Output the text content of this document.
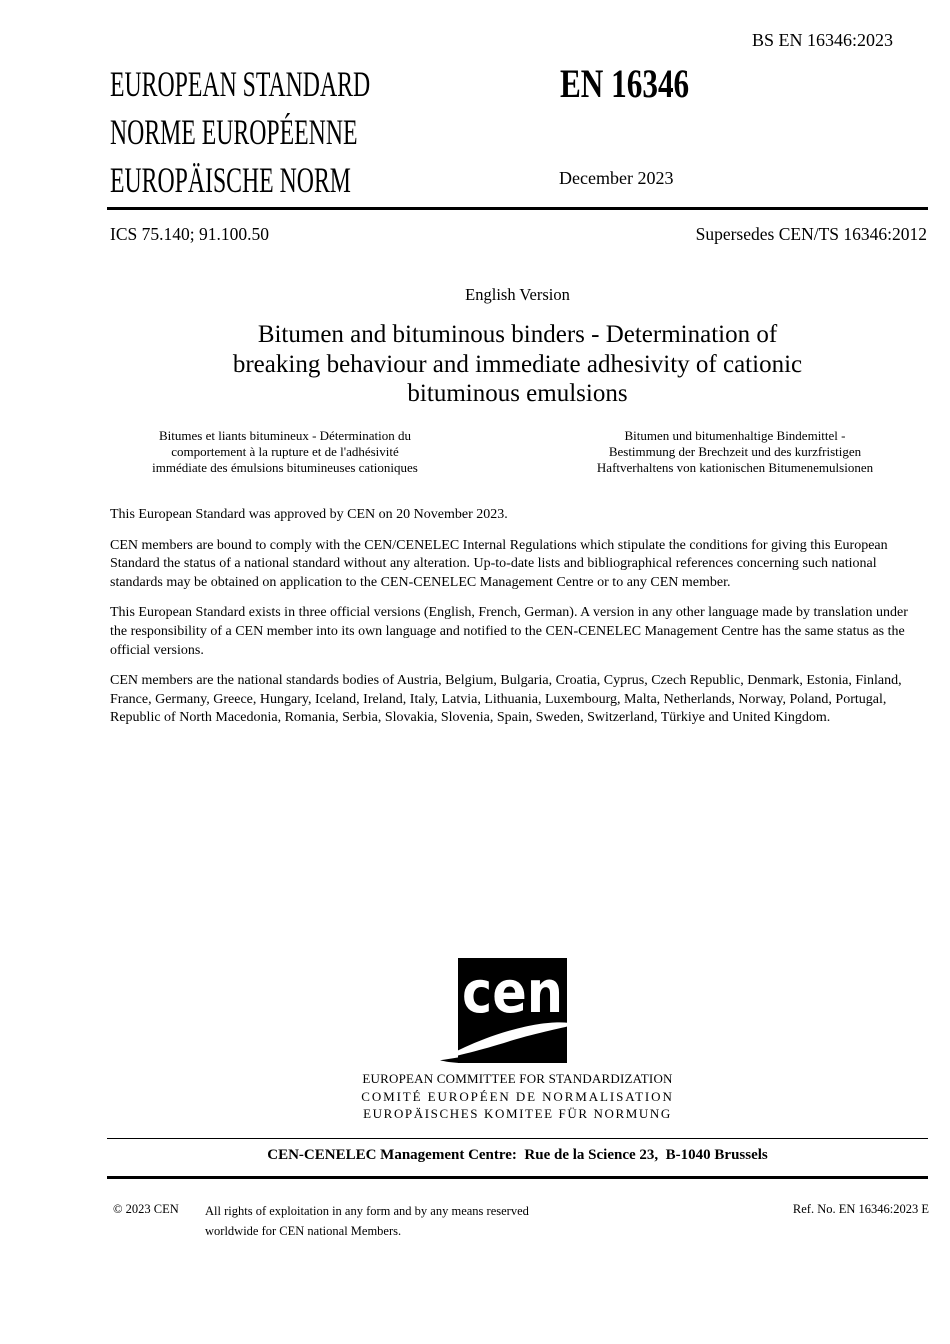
BS EN 16346:2023
EUROPEAN STANDARD
NORME EUROPÉENNE
EUROPÄISCHE NORM
EN 16346
December 2023
ICS 75.140; 91.100.50	Supersedes CEN/TS 16346:2012
English Version
Bitumen and bituminous binders - Determination of
breaking behaviour and immediate adhesivity of cationic
bituminous emulsions
Bitumes et liants bitumineux - Détermination du
comportement à la rupture et de l'adhésivité
immédiate des émulsions bitumineuses cationiques
Bitumen und bitumenhaltige Bindemittel -
Bestimmung der Brechzeit und des kurzfristigen
Haftverhaltens von kationischen Bitumenemulsionen

This European Standard was approved by CEN on 20 November 2023.

CEN members are bound to comply with the CEN/CENELEC Internal Regulations which stipulate the conditions for giving this European Standard the status of a national standard without any alteration. Up-to-date lists and bibliographical references concerning such national standards may be obtained on application to the CEN-CENELEC Management Centre or to any CEN member.

This European Standard exists in three official versions (English, French, German). A version in any other language made by translation under the responsibility of a CEN member into its own language and notified to the CEN-CENELEC Management Centre has the same status as the official versions.

CEN members are the national standards bodies of Austria, Belgium, Bulgaria, Croatia, Cyprus, Czech Republic, Denmark, Estonia, Finland, France, Germany, Greece, Hungary, Iceland, Ireland, Italy, Latvia, Lithuania, Luxembourg, Malta, Netherlands, Norway, Poland, Portugal, Republic of North Macedonia, Romania, Serbia, Slovakia, Slovenia, Spain, Sweden, Switzerland, Türkiye and United Kingdom.

cen
EUROPEAN COMMITTEE FOR STANDARDIZATION
COMITÉ EUROPÉEN DE NORMALISATION
EUROPÄISCHES KOMITEE FÜR NORMUNG
CEN-CENELEC Management Centre:  Rue de la Science 23,  B-1040 Brussels
© 2023 CEN All rights of exploitation in any form and by any means reserved
worldwide for CEN national Members.
Ref. No. EN 16346:2023 E
